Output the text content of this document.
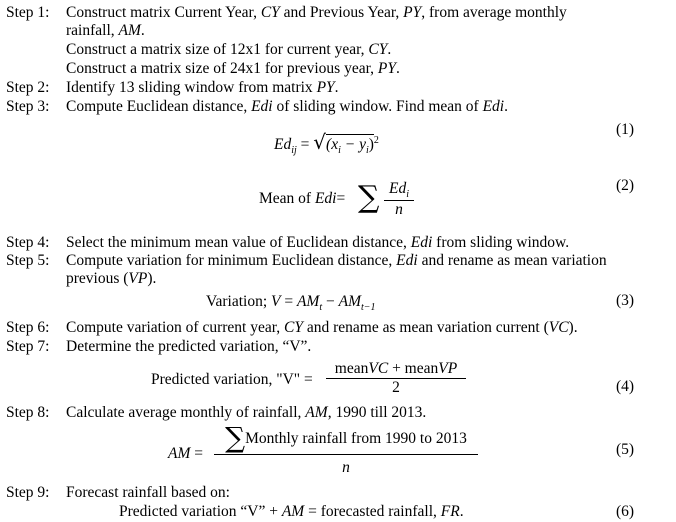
Step 1: Construct matrix Current Year, CY and Previous Year, PY, from average monthly
rainfall, AM.
Construct a matrix size of 12x1 for current year, CY.
Construct a matrix size of 24x1 for previous year, PY.
Step 2: Identify 13 sliding window from matrix PY.
Step 3: Compute Euclidean distance, Edi of sliding window. Find mean of Edi.
$Ed_{ij} = √(x_i - y_i)^2$
(1)
Mean of Edi= ∑ $Ed_i$
n
(2)
Step 4: Select the minimum mean value of Euclidean distance, Edi from sliding window.
Step 5: Compute variation for minimum Euclidean distance, Edi and rename as mean variation
previous (VP).
Variation; $V = AM_t - AM_{t-1}$	(3)
Step 6: Compute variation of current year, CY and rename as mean variation current (VC).
Step 7: Determine the predicted variation, “V”.
Predicted variation, "V" =
meanVC + meanVP
2	(4)
Step 8: Calculate average monthly of rainfall, AM, 1990 till 2013.
AM = ∑Monthly rainfall from 1990 to 2013
n
(5)
Step 9: Forecast rainfall based on:
Predicted variation “V” + AM = forecasted rainfall, FR.	(6)
